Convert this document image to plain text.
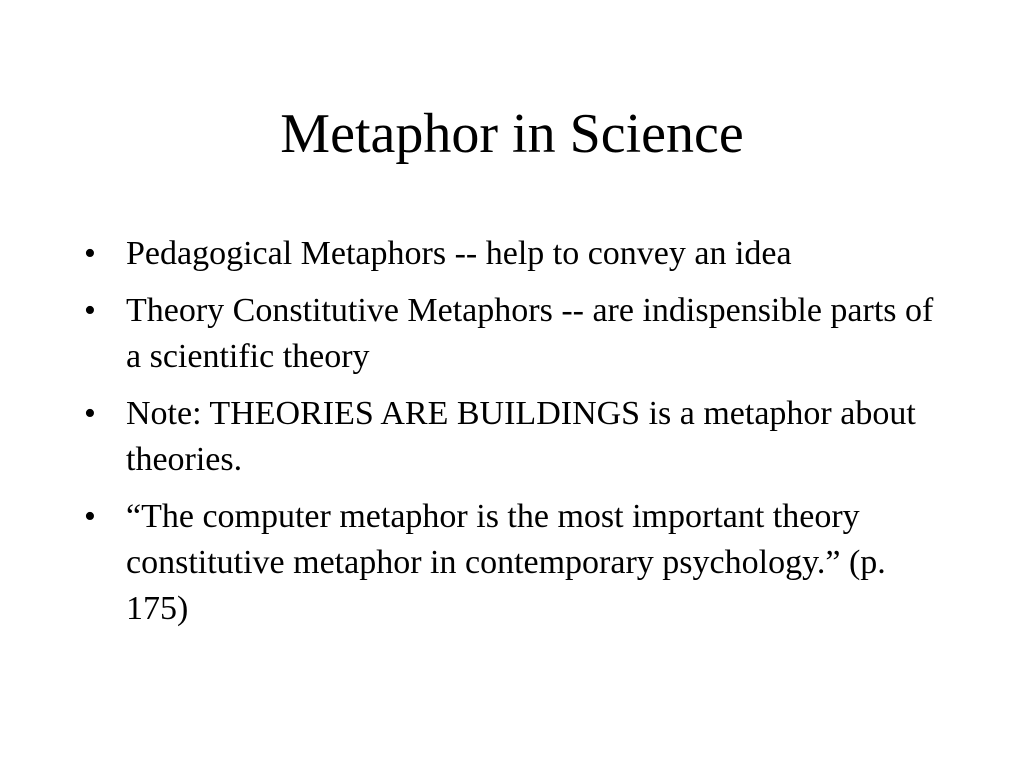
Metaphor in Science
• Pedagogical Metaphors -- help to convey an idea
• Theory Constitutive Metaphors -- are indispensible parts of a scientific theory
• Note: THEORIES ARE BUILDINGS is a metaphor about theories.
• “The computer metaphor is the most important theory constitutive metaphor in contemporary psychology.” (p. 175)
